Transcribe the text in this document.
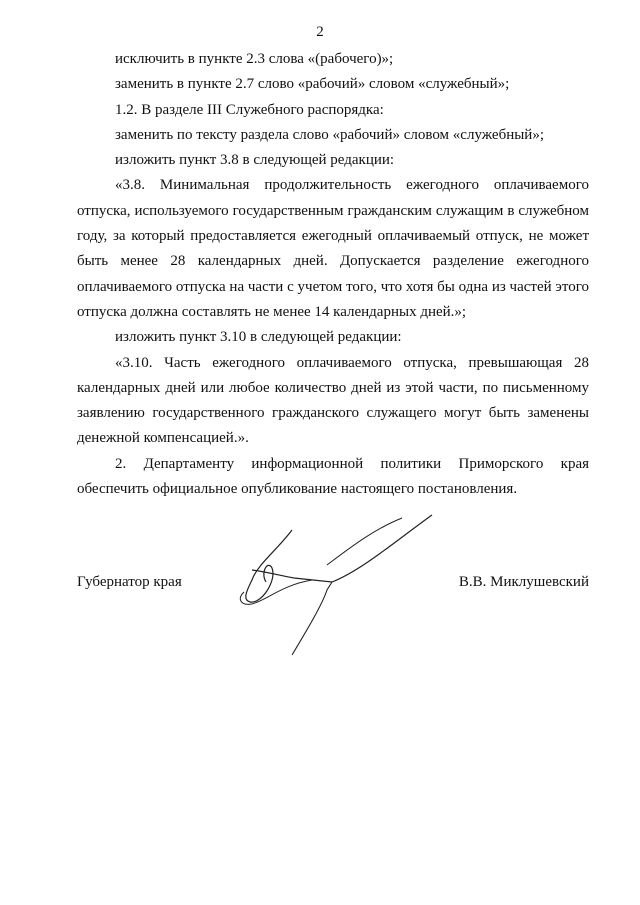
2
исключить в пункте 2.3 слова «(рабочего)»;
заменить в пункте 2.7 слово «рабочий» словом «служебный»;
1.2. В разделе III Служебного распорядка:
заменить по тексту раздела слово «рабочий» словом «служебный»;
изложить пункт 3.8 в следующей редакции:

«3.8. Минимальная продолжительность ежегодного оплачиваемого отпуска, используемого государственным гражданским служащим в служебном году, за который предоставляется ежегодный оплачиваемый отпуск, не может быть менее 28 календарных дней. Допускается разделение ежегодного оплачиваемого отпуска на части с учетом того, что хотя бы одна из частей этого отпуска должна составлять не менее 14 календарных дней.»;

изложить пункт 3.10 в следующей редакции:

«3.10. Часть ежегодного оплачиваемого отпуска, превышающая 28 календарных дней или любое количество дней из этой части, по письменному заявлению государственного гражданского служащего могут быть заменены денежной компенсацией.».

2. Департаменту информационной политики Приморского края обеспечить официальное опубликование настоящего постановления.

Губернатор края	В.В. Миклушевский
